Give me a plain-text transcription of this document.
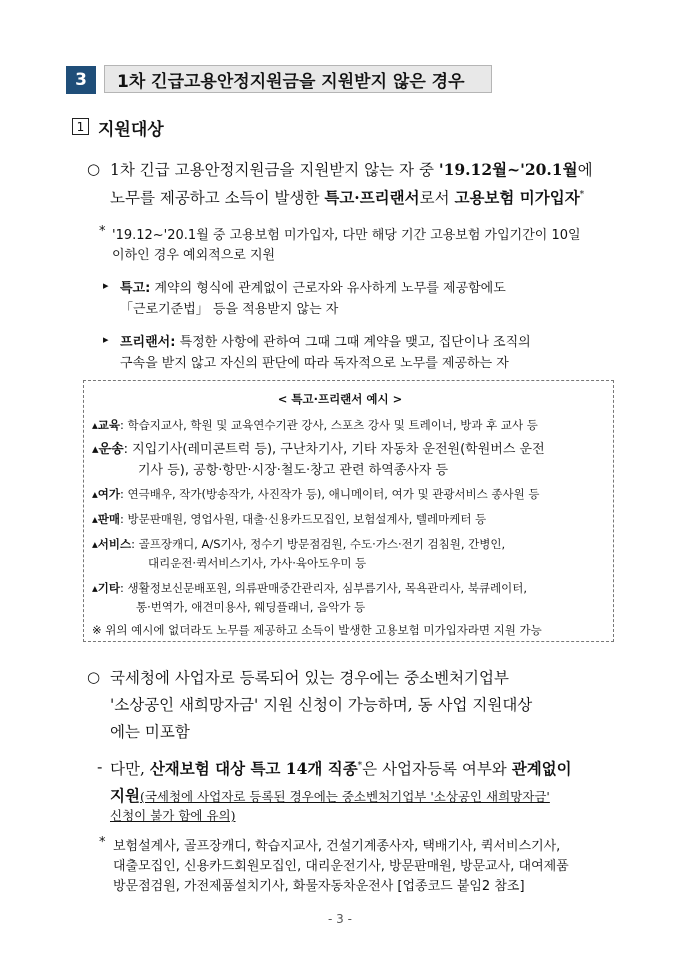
3	1차 긴급고용안정지원금을 지원받지 않은 경우
1 지원대상
○ 1차 긴급 고용안정지원금을 지원받지 않는 자 중 '19.12월~'20.1월에
노무를 제공하고 소득이 발생한 특고·프리랜서로서 고용보험 미가입자*
* '19.12~'20.1월 중 고용보험 미가입자, 다만 해당 기간 고용보험 가입기간이 10일
이하인 경우 예외적으로 지원
▸ 특고: 계약의 형식에 관계없이 근로자와 유사하게 노무를 제공함에도
「근로기준법」 등을 적용받지 않는 자
▸ 프리랜서: 특정한 사항에 관하여 그때 그때 계약을 맺고, 집단이나 조직의
구속을 받지 않고 자신의 판단에 따라 독자적으로 노무를 제공하는 자
< 특고·프리랜서 예시 >
▴교육: 학습지교사, 학원 및 교육연수기관 강사, 스포츠 강사 및 트레이너, 방과 후 교사 등
▴운송: 지입기사(레미콘트럭 등), 구난차기사, 기타 자동차 운전원(학원버스 운전
기사 등), 공항·항만·시장·철도·창고 관련 하역종사자 등
▴여가: 연극배우, 작가(방송작가, 사진작가 등), 애니메이터, 여가 및 관광서비스 종사원 등
▴판매: 방문판매원, 영업사원, 대출·신용카드모집인, 보험설계사, 텔레마케터 등
▴서비스: 골프장캐디, A/S기사, 정수기 방문점검원, 수도·가스·전기 검침원, 간병인,
대리운전·퀵서비스기사, 가사·육아도우미 등
▴기타: 생활정보신문배포원, 의류판매중간관리자, 심부름기사, 목욕관리사, 북큐레이터,
통·번역가, 애견미용사, 웨딩플래너, 음악가 등
※ 위의 예시에 없더라도 노무를 제공하고 소득이 발생한 고용보험 미가입자라면 지원 가능
○ 국세청에 사업자로 등록되어 있는 경우에는 중소벤처기업부
'소상공인 새희망자금' 지원 신청이 가능하며, 동 사업 지원대상
에는 미포함
- 다만, 산재보험 대상 특고 14개 직종*은 사업자등록 여부와 관계없이
지원(국세청에 사업자로 등록된 경우에는 중소벤처기업부 '소상공인 새희망자금'
신청이 불가 함에 유의)
* 보험설계사, 골프장캐디, 학습지교사, 건설기계종사자, 택배기사, 퀵서비스기사,
대출모집인, 신용카드회원모집인, 대리운전기사, 방문판매원, 방문교사, 대여제품
방문점검원, 가전제품설치기사, 화물자동차운전사 [업종코드 붙임2 참조]
- 3 -
